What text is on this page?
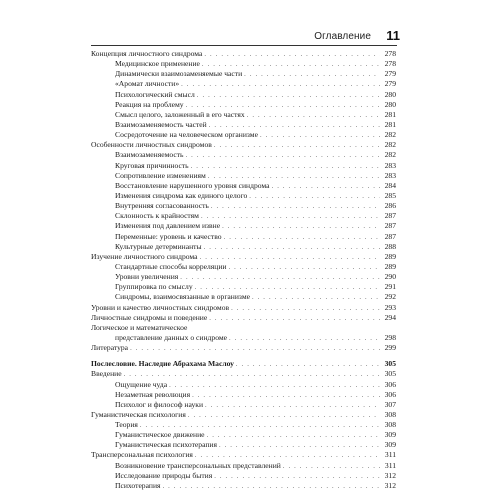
Оглавление 11
Концепция личностного синдрома . . .	278
Медицинское применение . . .	278
Динамически взаимозаменяемые части . . .	279
«Аромат личности» . . .	279
Психологический смысл . . .	280
Реакция на проблему . . .	280
Смысл целого, заложенный в его частях . . .	281
Взаимозаменяемость частей . . .	281
Сосредоточение на человеческом организме . . .	282
Особенности личностных синдромов . . .	282
Взаимозаменяемость . . .	282
Круговая причинность . . .	283
Сопротивление изменениям . . .	283
Восстановление нарушенного уровня синдрома . . .	284
Изменения синдрома как единого целого . . .	285
Внутренняя согласованность . . .	286
Склонность к крайностям . . .	287
Изменения под давлением извне . . .	287
Переменные: уровень и качество . . .	287
Культурные детерминанты . . .	288
Изучение личностного синдрома . . .	289
Стандартные способы корреляции . . .	289
Уровни увеличения . . .	290
Группировка по смыслу . . .	291
Синдромы, взаимосвязанные в организме . . .	292
Уровни и качество личностных синдромов . . .	293
Личностные синдромы и поведение . . .	294
Логическое и математическое
представление данных о синдроме . . .	298
Литература . . .	299
Послесловие. Наследие Абрахама Маслоу . . .	305
Введение . . .	305
Ощущение чуда . . .	306
Незаметная революция . . .	306
Психолог и философ науки . . .	307
Гуманистическая психология . . .	308
Теория . . .	308
Гуманистическое движение . . .	309
Гуманистическая психотерапия . . .	309
Трансперсональная психология . . .	311
Возникновение трансперсональных представлений . . .	311
Исследование природы бытия . . .	312
Психотерапия . . .	312
